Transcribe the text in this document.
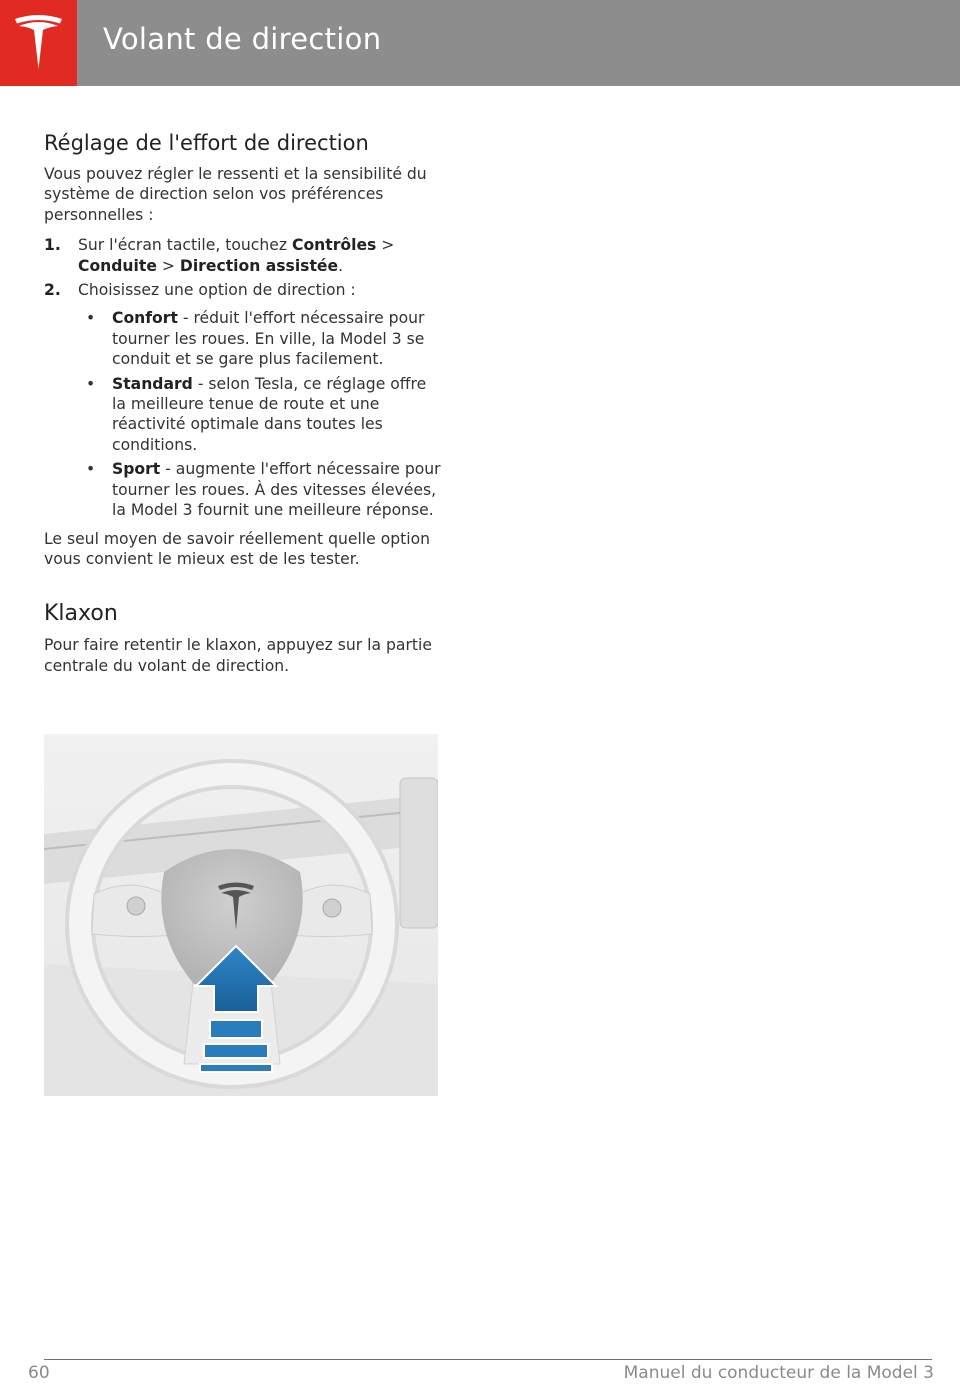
Volant de direction
Réglage de l'effort de direction

Vous pouvez régler le ressenti et la sensibilité du système de direction selon vos préférences personnelles :

1. Sur l'écran tactile, touchez Contrôles > Conduite > Direction assistée.
2. Choisissez une option de direction :
• Confort - réduit l'effort nécessaire pour tourner les roues. En ville, la Model 3 se conduit et se gare plus facilement.
• Standard - selon Tesla, ce réglage offre la meilleure tenue de route et une réactivité optimale dans toutes les conditions.
• Sport - augmente l'effort nécessaire pour tourner les roues. À des vitesses élevées, la Model 3 fournit une meilleure réponse.

Le seul moyen de savoir réellement quelle option vous convient le mieux est de les tester.

Klaxon

Pour faire retentir le klaxon, appuyez sur la partie centrale du volant de direction.

60	Manuel du conducteur de la Model 3
